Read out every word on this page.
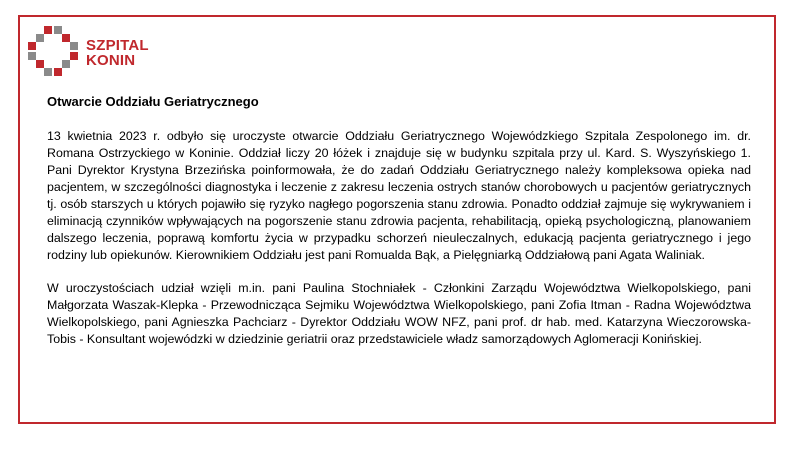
SZPITAL
KONIN
Otwarcie Oddziału Geriatrycznego

13 kwietnia 2023 r. odbyło się uroczyste otwarcie Oddziału Geriatrycznego Wojewódzkiego Szpitala Zespolonego im. dr. Romana Ostrzyckiego w Koninie. Oddział liczy 20 łóżek i znajduje się w budynku szpitala przy ul. Kard. S. Wyszyńskiego 1. Pani Dyrektor Krystyna Brzezińska poinformowała, że do zadań Oddziału Geriatrycznego należy kompleksowa opieka nad pacjentem, w szczególności diagnostyka i leczenie z zakresu leczenia ostrych stanów chorobowych u pacjentów geriatrycznych tj. osób starszych u których pojawiło się ryzyko nagłego pogorszenia stanu zdrowia. Ponadto oddział zajmuje się wykrywaniem i eliminacją czynników wpływających na pogorszenie stanu zdrowia pacjenta, rehabilitacją, opieką psychologiczną, planowaniem dalszego leczenia, poprawą komfortu życia w przypadku schorzeń nieuleczalnych, edukacją pacjenta geriatrycznego i jego rodziny lub opiekunów. Kierownikiem Oddziału jest pani Romualda Bąk, a Pielęgniarką Oddziałową pani Agata Waliniak.

W uroczystościach udział wzięli m.in. pani Paulina Stochniałek - Członkini Zarządu Województwa Wielkopolskiego, pani Małgorzata Waszak-Klepka - Przewodnicząca Sejmiku Województwa Wielkopolskiego, pani Zofia Itman - Radna Województwa Wielkopolskiego, pani Agnieszka Pachciarz - Dyrektor Oddziału WOW NFZ, pani prof. dr hab. med. Katarzyna Wieczorowska-Tobis - Konsultant wojewódzki w dziedzinie geriatrii oraz przedstawiciele władz samorządowych Aglomeracji Konińskiej.
